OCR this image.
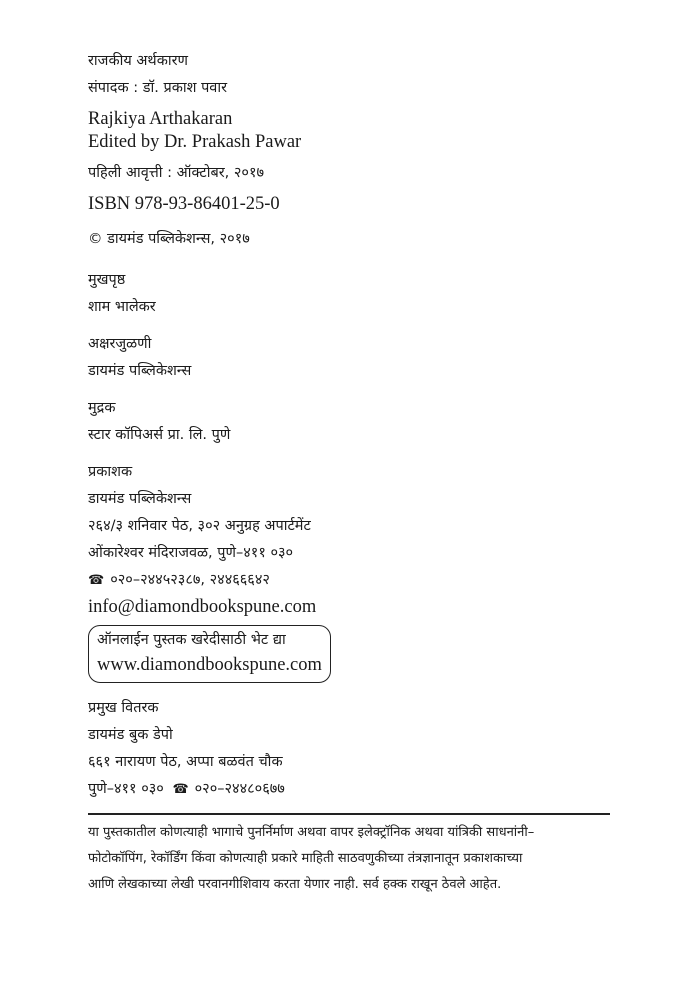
राजकीय अर्थकारण
संपादक : डॉ. प्रकाश पवार
Rajkiya Arthakaran
Edited by Dr. Prakash Pawar
पहिली आवृत्ती : ऑक्टोबर, २०१७
ISBN 978-93-86401-25-0
© डायमंड पब्लिकेशन्स, २०१७
मुखपृष्ठ
शाम भालेकर
अक्षरजुळणी
डायमंड पब्लिकेशन्स
मुद्रक
स्टार कॉपिअर्स प्रा. लि. पुणे
प्रकाशक
डायमंड पब्लिकेशन्स
२६४/३ शनिवार पेठ, ३०२ अनुग्रह अपार्टमेंट
ओंकारेश्वर मंदिराजवळ, पुणे–४११ ०३०
☎ ०२०–२४४५२३८७, २४४६६६४२
info@diamondbookspune.com
ऑनलाईन पुस्तक खरेदीसाठी भेट द्या
www.diamondbookspune.com
प्रमुख वितरक
डायमंड बुक डेपो
६६१ नारायण पेठ, अप्पा बळवंत चौक
पुणे–४११ ०३० ☎ ०२०–२४४८०६७७
या पुस्तकातील कोणत्याही भागाचे पुनर्निर्माण अथवा वापर इलेक्ट्रॉनिक अथवा यांत्रिकी साधनांनी–
फोटोकॉपिंग, रेकॉर्डिंग किंवा कोणत्याही प्रकारे माहिती साठवणुकीच्या तंत्रज्ञानातून प्रकाशकाच्या
आणि लेखकाच्या लेखी परवानगीशिवाय करता येणार नाही. सर्व हक्क राखून ठेवले आहेत.
